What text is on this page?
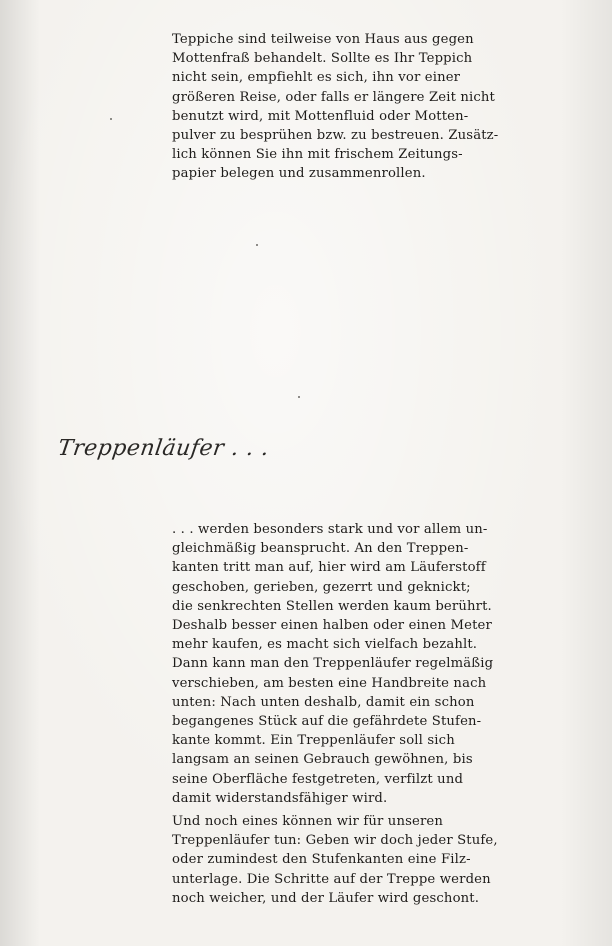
Teppiche sind teilweise von Haus aus gegen
Mottenfraß behandelt. Sollte es Ihr Teppich
nicht sein, empfiehlt es sich, ihn vor einer
größeren Reise, oder falls er längere Zeit nicht
benutzt wird, mit Mottenfluid oder Motten-
pulver zu besprühen bzw. zu bestreuen. Zusätz-
lich können Sie ihn mit frischem Zeitungs-
papier belegen und zusammenrollen.
Treppenläufer . . .
. . . werden besonders stark und vor allem un-
gleichmäßig beansprucht. An den Treppen-
kanten tritt man auf, hier wird am Läuferstoff
geschoben, gerieben, gezerrt und geknickt;
die senkrechten Stellen werden kaum berührt.
Deshalb besser einen halben oder einen Meter
mehr kaufen, es macht sich vielfach bezahlt.
Dann kann man den Treppenläufer regelmäßig
verschieben, am besten eine Handbreite nach
unten: Nach unten deshalb, damit ein schon
begangenes Stück auf die gefährdete Stufen-
kante kommt. Ein Treppenläufer soll sich
langsam an seinen Gebrauch gewöhnen, bis
seine Oberfläche festgetreten, verfilzt und
damit widerstandsfähiger wird.
Und noch eines können wir für unseren
Treppenläufer tun: Geben wir doch jeder Stufe,
oder zumindest den Stufenkanten eine Filz-
unterlage. Die Schritte auf der Treppe werden
noch weicher, und der Läufer wird geschont.
